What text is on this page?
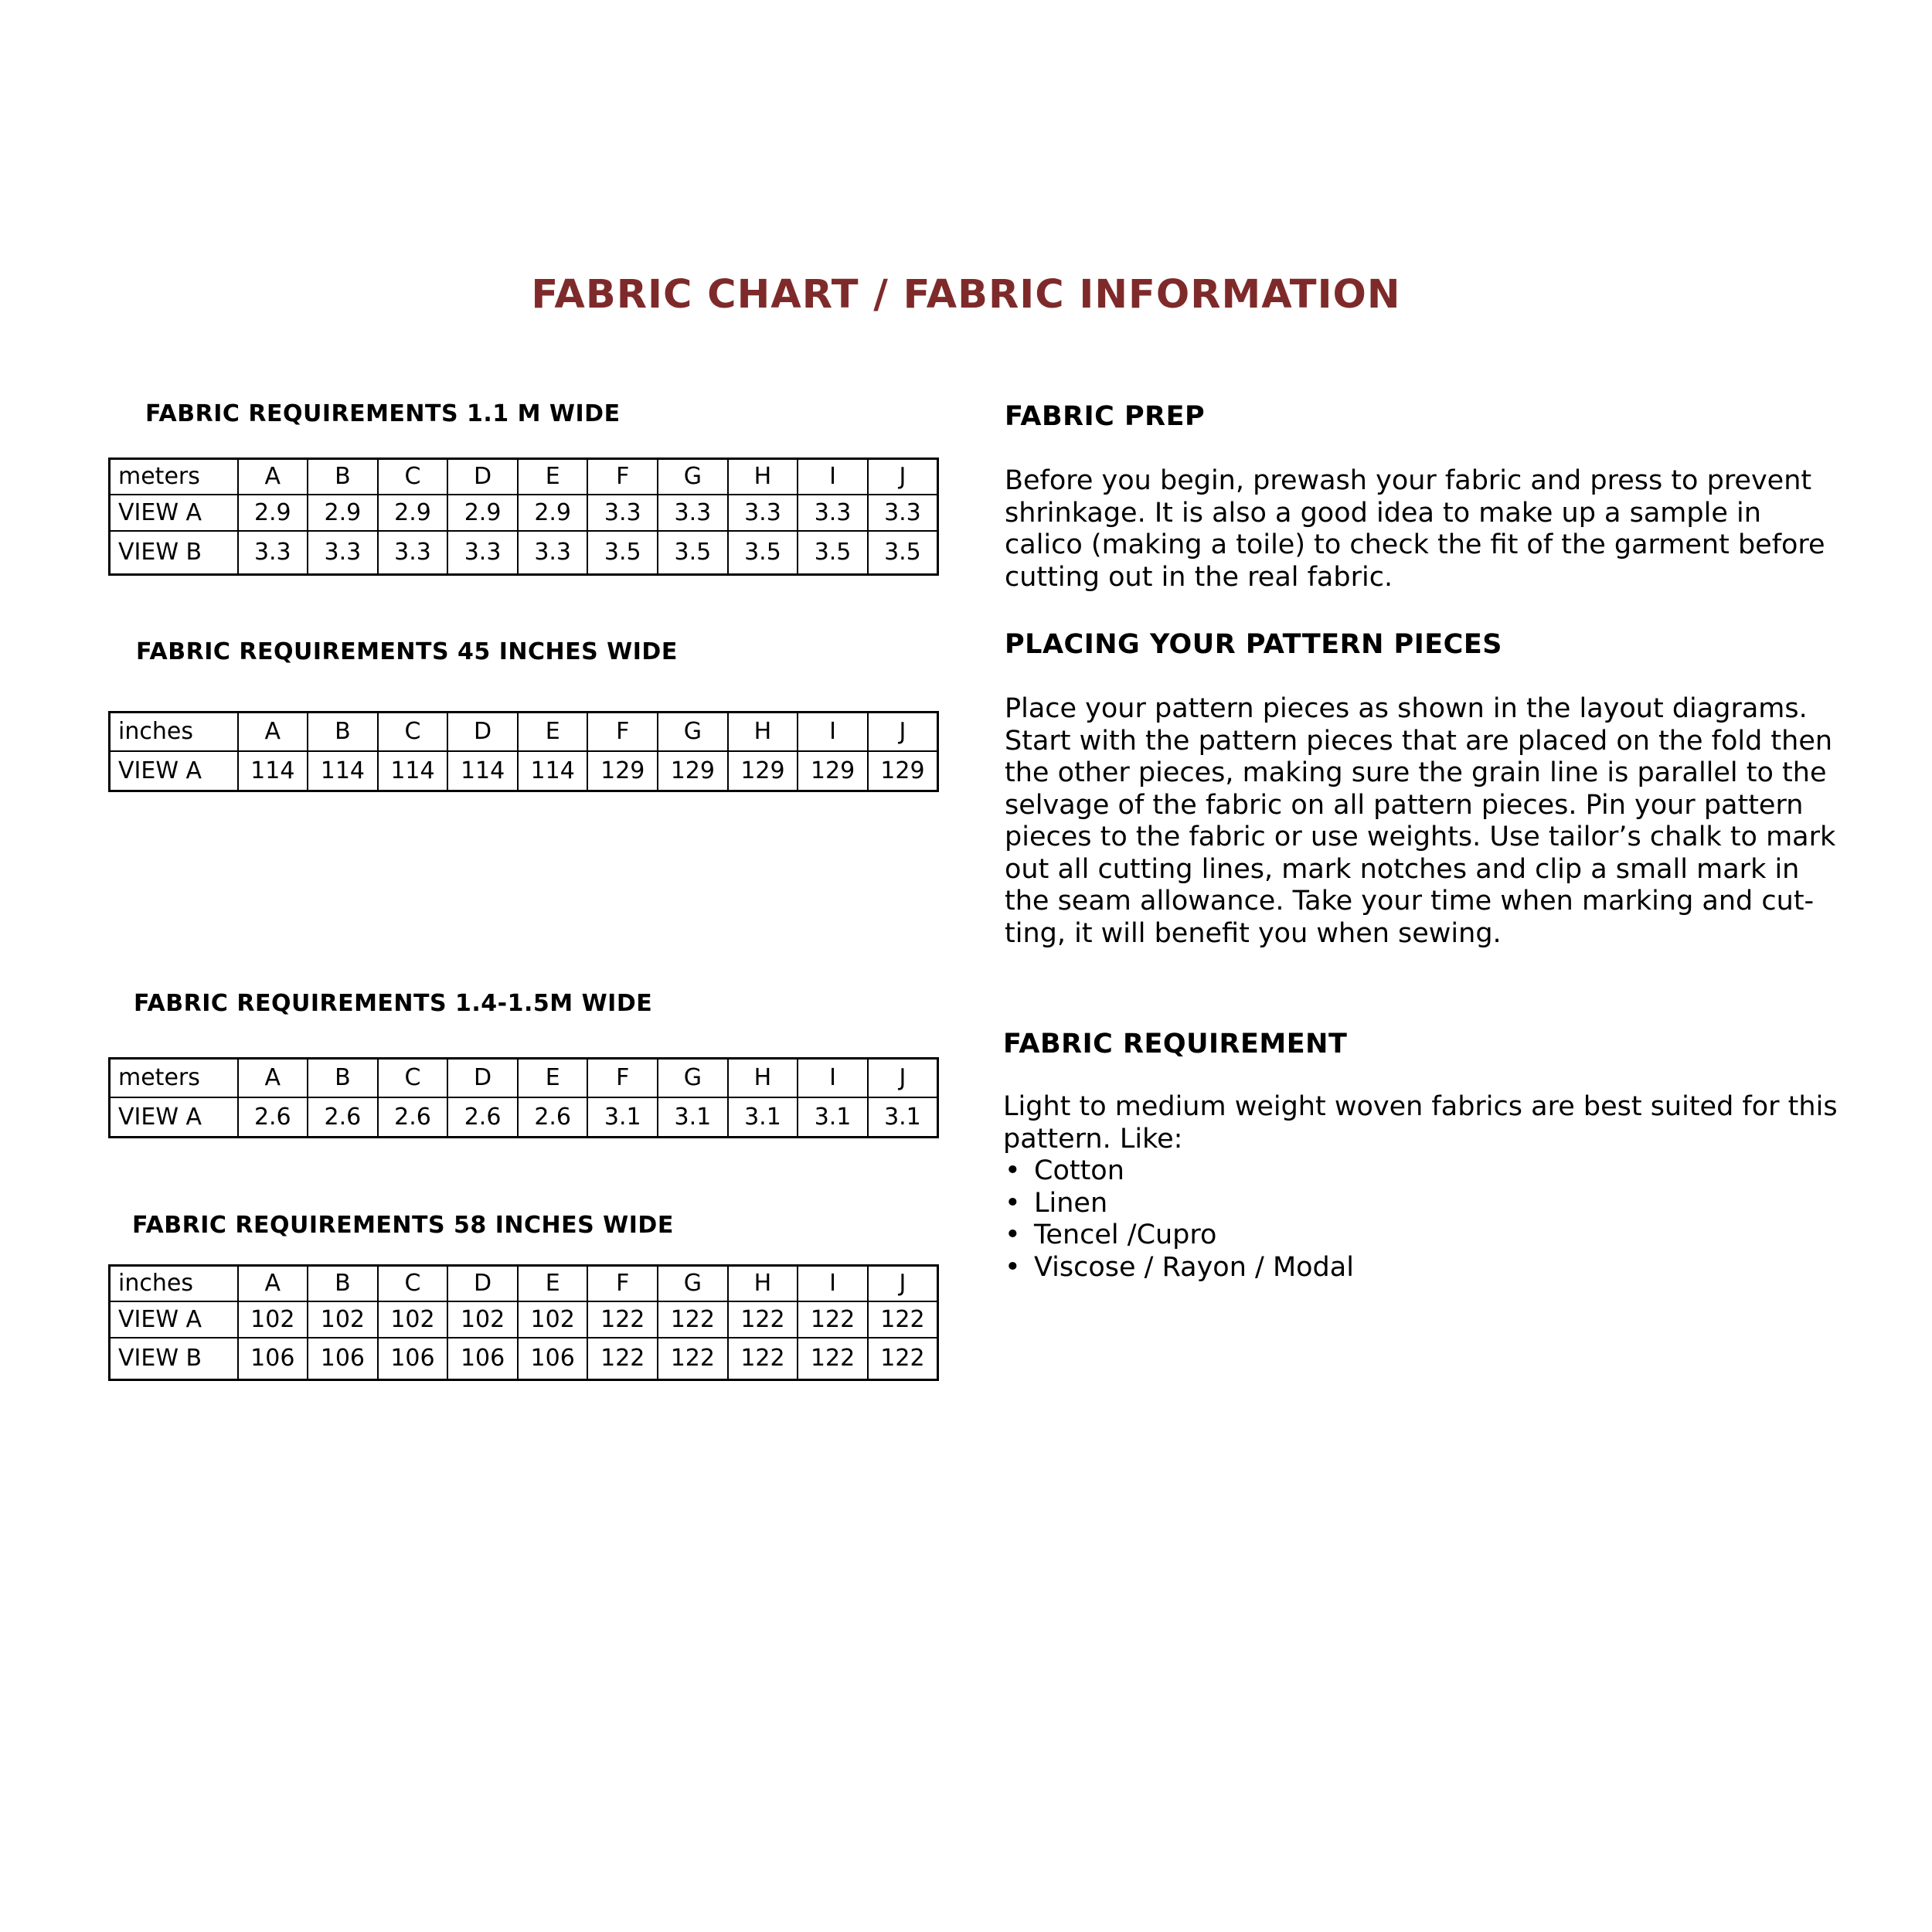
FABRIC CHART / FABRIC INFORMATION
FABRIC REQUIREMENTS 1.1 M WIDE
meters	A	B	C	D	E	F	G	H	I	J
VIEW A	2.9	2.9	2.9	2.9	2.9	3.3	3.3	3.3	3.3	3.3
VIEW B	3.3	3.3	3.3	3.3	3.3	3.5	3.5	3.5	3.5	3.5
FABRIC REQUIREMENTS 45 INCHES WIDE
inches	A	B	C	D	E	F	G	H	I	J
VIEW A	114	114	114	114	114	129	129	129	129	129
FABRIC REQUIREMENTS 1.4-1.5M WIDE
meters	A	B	C	D	E	F	G	H	I	J
VIEW A	2.6	2.6	2.6	2.6	2.6	3.1	3.1	3.1	3.1	3.1
FABRIC REQUIREMENTS 58 INCHES WIDE
inches	A	B	C	D	E	F	G	H	I	J
VIEW A	102	102	102	102	102	122	122	122	122	122
VIEW B	106	106	106	106	106	122	122	122	122	122
FABRIC PREP
Before you begin, prewash your fabric and press to prevent
shrinkage. It is also a good idea to make up a sample in
calico (making a toile) to check the fit of the garment before
cutting out in the real fabric.
PLACING YOUR PATTERN PIECES
Place your pattern pieces as shown in the layout diagrams.
Start with the pattern pieces that are placed on the fold then
the other pieces, making sure the grain line is parallel to the
selvage of the fabric on all pattern pieces. Pin your pattern
pieces to the fabric or use weights. Use tailor’s chalk to mark
out all cutting lines, mark notches and clip a small mark in
the seam allowance. Take your time when marking and cut-
ting, it will benefit you when sewing.
FABRIC REQUIREMENT
Light to medium weight woven fabrics are best suited for this
pattern. Like:
• Cotton
• Linen
• Tencel /Cupro
• Viscose / Rayon / Modal
